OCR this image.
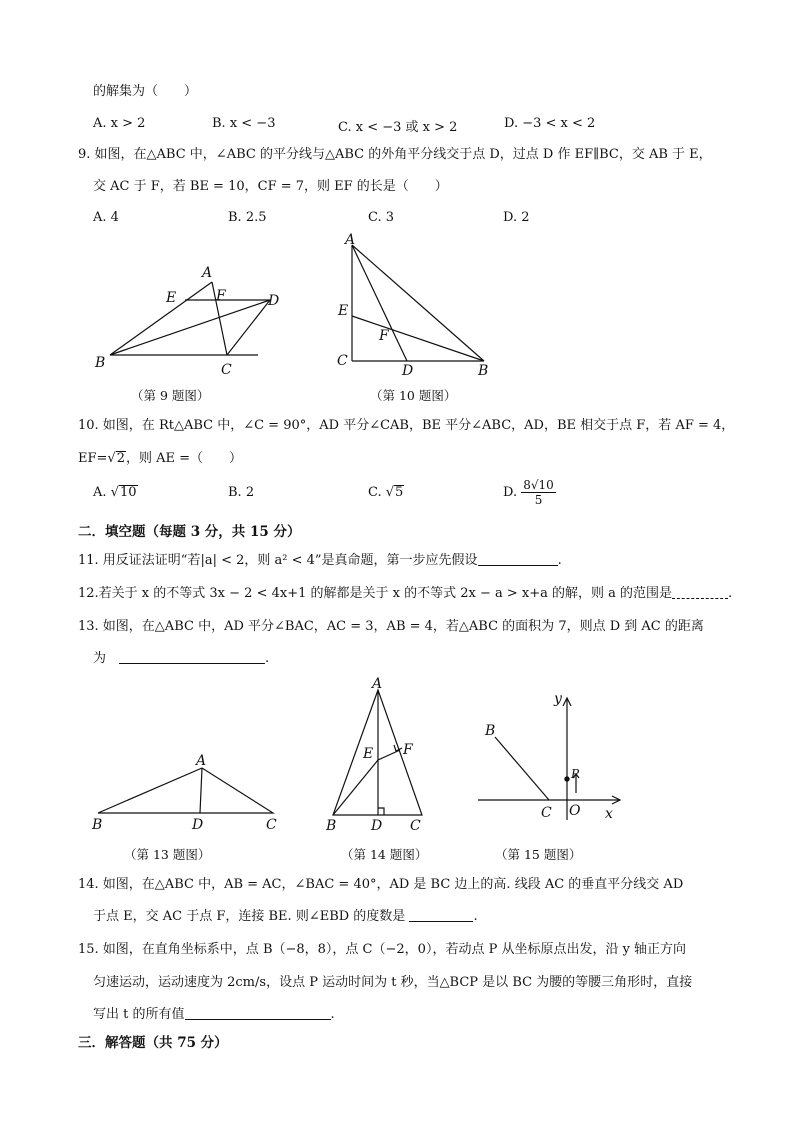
的解集为（　　）
A. x > 2	B. x < −3	C. x < −3 或 x > 2	D. −3 < x < 2
9. 如图，在△ABC 中，∠ABC 的平分线与△ABC 的外角平分线交于点 D，过点 D 作 EF∥BC，交 AB 于 E，
交 AC 于 F，若 BE = 10，CF = 7，则 EF 的长是（　　）
A. 4	B. 2.5	C. 3	D. 2
A
E	F	D
B	C
（第 9 题图）
A
E
F
C
D	B
（第 10 题图）
10. 如图，在 Rt△ABC 中，∠C = 90°，AD 平分∠CAB，BE 平分∠ABC，AD，BE 相交于点 F，若 AF = 4，
EF=√2，则 AE =（　　）
A. √10	B. 2	C. √5	D. $\frac{8√10}{5}$
二．填空题（每题 3 分，共 15 分）
11. 用反证法证明“若|a| < 2，则 a² < 4”是真命题，第一步应先假设	.
12.若关于 x 的不等式 3x − 2 < 4x+1 的解都是关于 x 的不等式 2x − a > x+a 的解，则 a 的范围是	.
13. 如图，在△ABC 中，AD 平分∠BAC，AC = 3，AB = 4，若△ABC 的面积为 7，则点 D 到 AC 的距离
为　	.
A
B	D	C
（第 13 题图）
A
E F
B D C
（第 14 题图）
y
B
P
C O x
（第 15 题图）
14. 如图，在△ABC 中，AB = AC，∠BAC = 40°，AD 是 BC 边上的高. 线段 AC 的垂直平分线交 AD
于点 E，交 AC 于点 F，连接 BE. 则∠EBD 的度数是	.
15. 如图，在直角坐标系中，点 B（−8，8），点 C（−2，0），若动点 P 从坐标原点出发，沿 y 轴正方向
匀速运动，运动速度为 2cm/s，设点 P 运动时间为 t 秒，当△BCP 是以 BC 为腰的等腰三角形时，直接
写出 t 的所有值	.
三．解答题（共 75 分）
